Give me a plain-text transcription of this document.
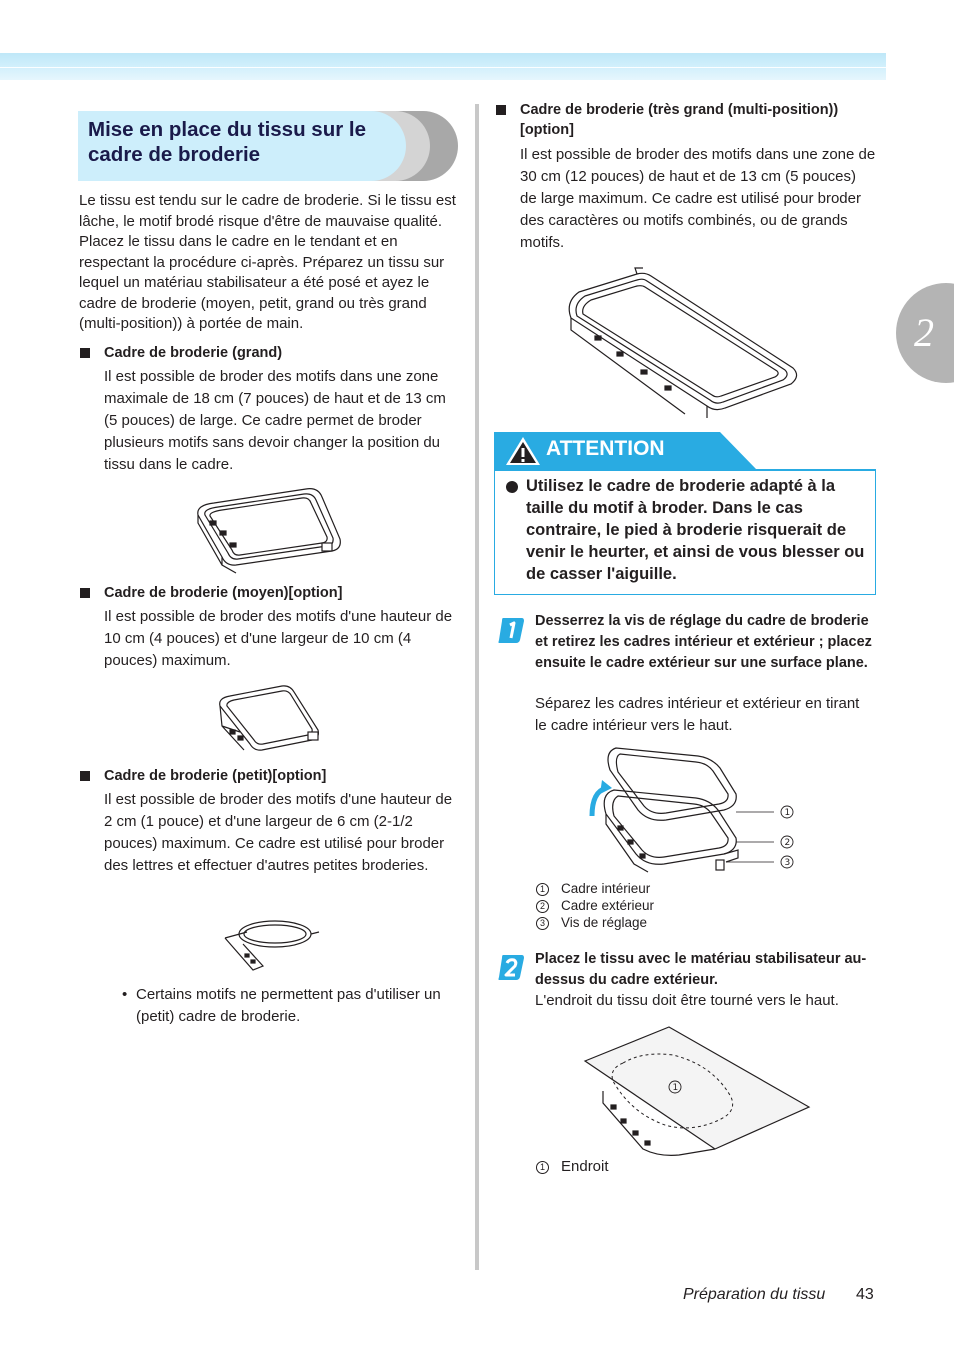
2
Mise en place du tissu sur le cadre de broderie

Le tissu est tendu sur le cadre de broderie. Si le tissu est lâche, le motif brodé risque d'être de mauvaise qualité. Placez le tissu dans le cadre en le tendant et en respectant la procédure ci-après. Préparez un tissu sur lequel un matériau stabilisateur a été posé et ayez le cadre de broderie (moyen, petit, grand ou très grand (multi-position)) à portée de main.

Cadre de broderie (grand)
Il est possible de broder des motifs dans une zone maximale de 18 cm (7 pouces) de haut et de 13 cm (5 pouces) de large. Ce cadre permet de broder plusieurs motifs sans devoir changer la position du tissu dans le cadre.
Cadre de broderie (moyen)[option]
Il est possible de broder des motifs d'une hauteur de 10 cm (4 pouces) et d'une largeur de 10 cm (4 pouces) maximum.
Cadre de broderie (petit)[option]
Il est possible de broder des motifs d'une hauteur de 2 cm (1 pouce) et d'une largeur de 6 cm (2-1/2 pouces) maximum. Ce cadre est utilisé pour broder des lettres et effectuer d'autres petites broderies.
• Certains motifs ne permettent pas d'utiliser un (petit) cadre de broderie.
Cadre de broderie (très grand (multi-position)) [option]
Il est possible de broder des motifs dans une zone de 30 cm (12 pouces) de haut et de 13 cm (5 pouces) de large maximum. Ce cadre est utilisé pour broder des caractères ou motifs combinés, ou de grands motifs.
ATTENTION
Utilisez le cadre de broderie adapté à la taille du motif à broder. Dans le cas contraire, le pied à broderie risquerait de venir le heurter, et ainsi de vous blesser ou de casser l'aiguille.
Desserrez la vis de réglage du cadre de broderie et retirez les cadres intérieur et extérieur ; placez ensuite le cadre extérieur sur une surface plane.
Séparez les cadres intérieur et extérieur en tirant le cadre intérieur vers le haut.
1
2
3
1 Cadre intérieur
2 Cadre extérieur
3 Vis de réglage
Placez le tissu avec le matériau stabilisateur au-dessus du cadre extérieur.
L'endroit du tissu doit être tourné vers le haut.
1
1 Endroit
Préparation du tissu 43
